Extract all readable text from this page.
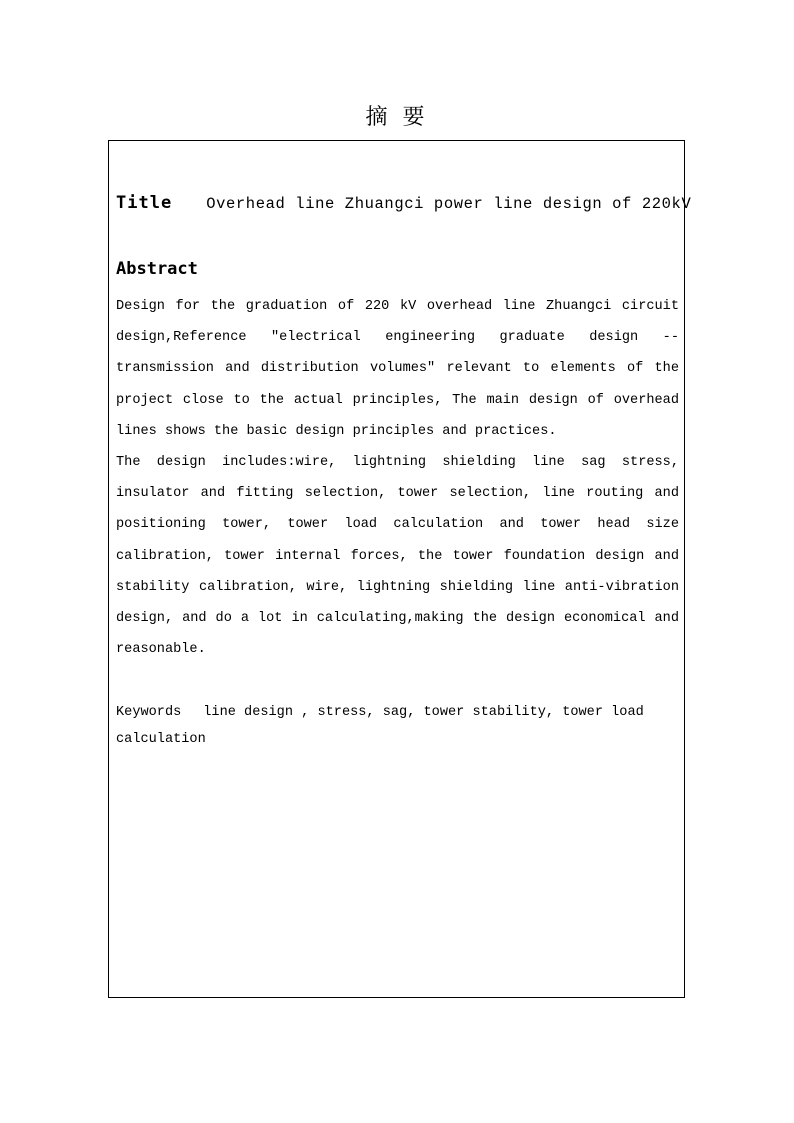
摘 要
Title Overhead line Zhuangci power line design of 220kV
Abstract

Design for the graduation of 220 kV overhead line Zhuangci circuit design,Reference "electrical engineering graduate design -- transmission and distribution volumes" relevant to elements of the project close to the actual principles, The main design of overhead lines shows the basic design principles and practices.

The design includes:wire, lightning shielding line sag stress, insulator and fitting selection, tower selection, line routing and positioning tower, tower load calculation and tower head size calibration, tower internal forces, the tower foundation design and stability calibration, wire, lightning shielding line anti-vibration design, and do a lot in calculating,making the design economical and reasonable.

Keywords line design , stress, sag, tower stability, tower load calculation
